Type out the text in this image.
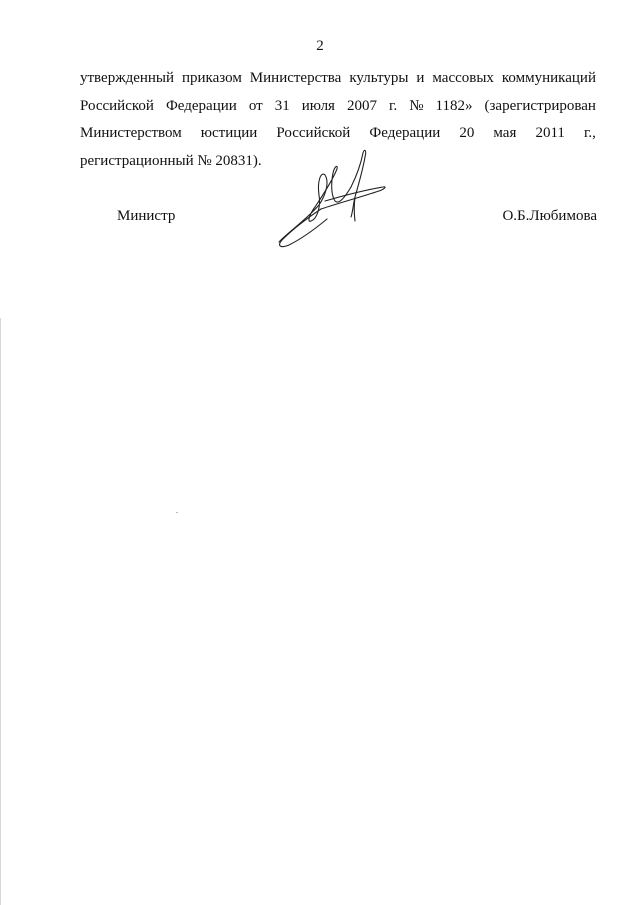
2
утвержденный приказом Министерства культуры и массовых коммуникаций
Российской Федерации от 31 июля 2007 г. № 1182» (зарегистрирован
Министерством юстиции Российской Федерации 20 мая 2011 г.,
регистрационный № 20831).
Министр	О.Б.Любимова
